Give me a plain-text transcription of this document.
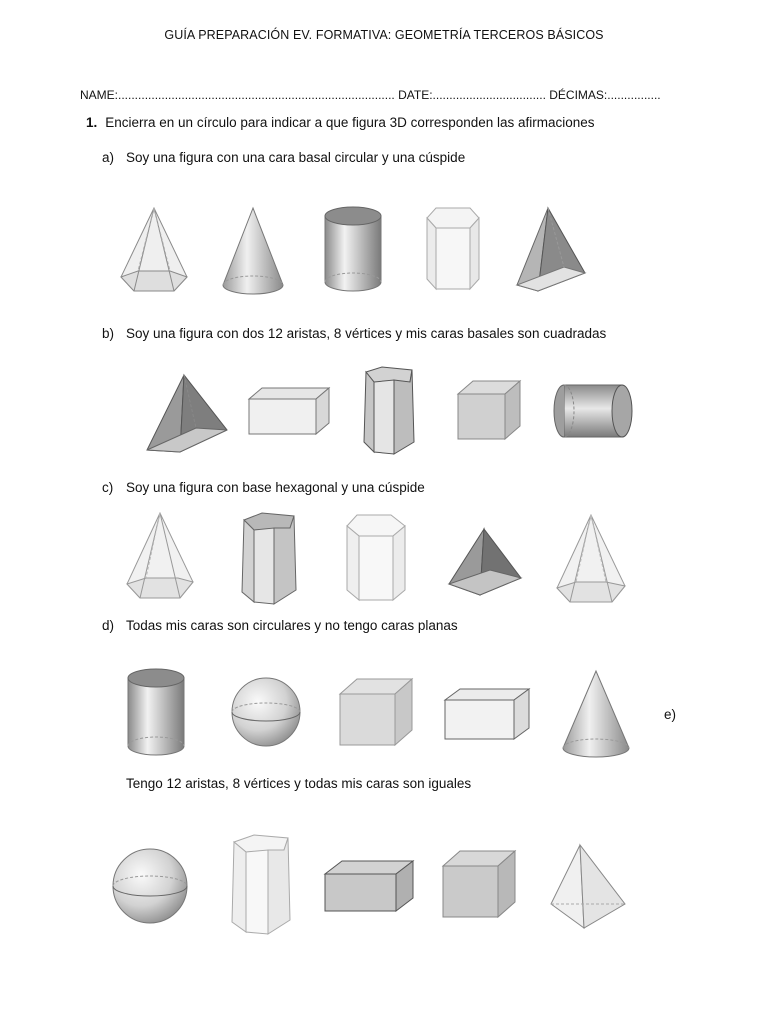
GUÍA PREPARACIÓN EV. FORMATIVA: GEOMETRÍA TERCEROS BÁSICOS
NAME:................................................................................... DATE:.................................. DÉCIMAS:................
1. Encierra en un círculo para indicar a que figura 3D corresponden las afirmaciones
a) Soy una figura con una cara basal circular y una cúspide
b) Soy una figura con dos 12 aristas, 8 vértices y mis caras basales son cuadradas
c) Soy una figura con base hexagonal y una cúspide
d) Todas mis caras son circulares y no tengo caras planas
e)
Tengo 12 aristas, 8 vértices y todas mis caras son iguales
